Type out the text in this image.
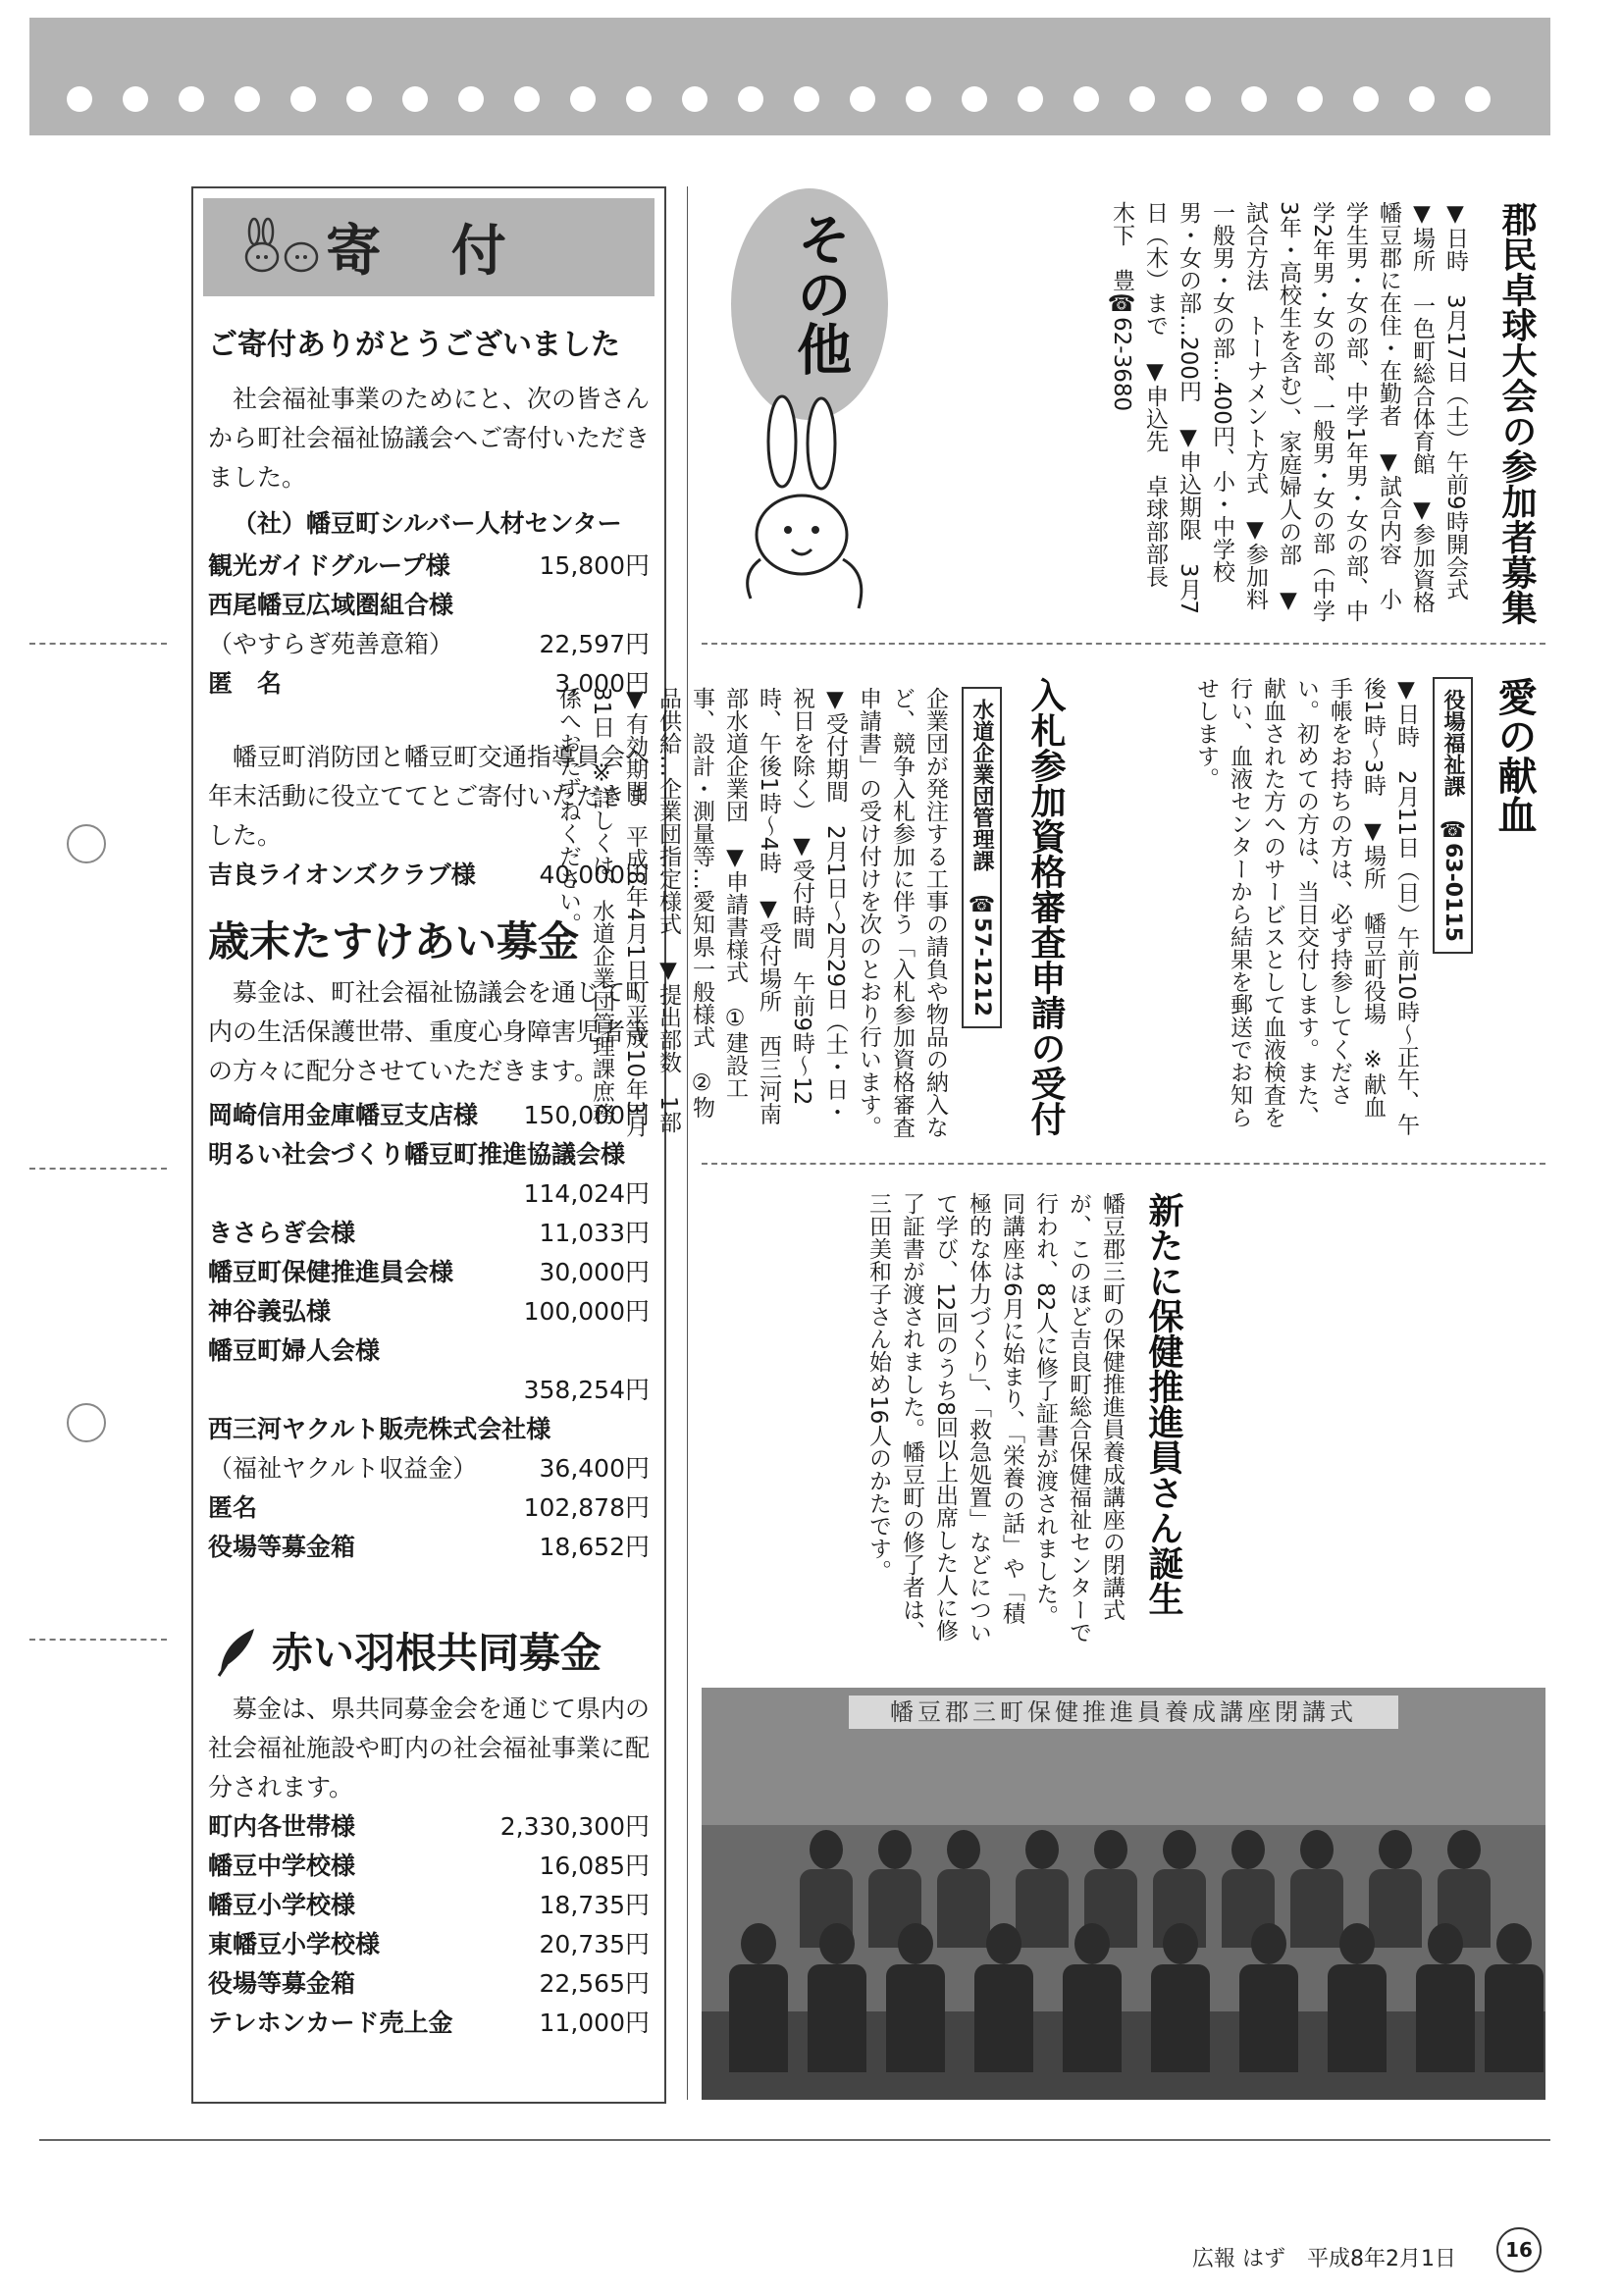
寄 付
ご寄付ありがとうございました
社会福祉事業のためにと、次の皆さんから町社会福祉協議会へご寄付いただきました。
（社）幡豆町シルバー人材センター
観光ガイドグループ様	15,800円
西尾幡豆広域圏組合様
（やすらぎ苑善意箱）	22,597円
匿　名	3,000円
幡豆町消防団と幡豆町交通指導員会へ年末活動に役立ててとご寄付いただきました。
吉良ライオンズクラブ様	40,000円
歳末たすけあい募金
募金は、町社会福祉協議会を通じて町内の生活保護世帯、重度心身障害児者等の方々に配分させていただきます。
岡崎信用金庫幡豆支店様 150,000円
明るい社会づくり幡豆町推進協議会様
114,024円
きさらぎ会様	11,033円
幡豆町保健推進員会様	30,000円
神谷義弘様	100,000円
幡豆町婦人会様
358,254円
西三河ヤクルト販売株式会社様
（福祉ヤクルト収益金）	36,400円
匿名	102,878円
役場等募金箱	18,652円
赤い羽根共同募金
募金は、県共同募金会を通じて県内の社会福祉施設や町内の社会福祉事業に配分されます。
町内各世帯様	2,330,300円
幡豆中学校様	16,085円
幡豆小学校様	18,735円
東幡豆小学校様	20,735円
役場等募金箱	22,565円
テレホンカード売上金	11,000円
その他	郡民卓球大会の参加者募集
▼日時　3月17日（土）午前9時開会式　▼場所　一色町総合体育館　▼参加資格　幡豆郡に在住・在勤者　▼試合内容　小学生男・女の部、中学1年男・女の部、中学2年男・女の部、一般男・女の部（中学3年・高校生を含む）、家庭婦人の部　▼試合方法　トーナメント方式　▼参加料　一般男・女の部…400円、小・中学校男・女の部…200円　▼申込期限　3月7日（木）まで　▼申込先　卓球部部長　木下　豊☎62-3680
愛の献血
役場福祉課　☎63-0115
▼日時　2月11日（日）午前10時～正午、午後1時～3時　▼場所　幡豆町役場　※献血手帳をお持ちの方は、必ず持参してください。初めての方は、当日交付します。また、献血された方へのサービスとして血液検査を行い、血液センターから結果を郵送でお知らせします。
入札参加資格審査申請の受付
水道企業団管理課　☎57-1212
企業団が発注する工事の請負や物品の納入など、競争入札参加に伴う「入札参加資格審査申請書」の受け付けを次のとおり行います。　▼受付期間　2月1日～2月29日（土・日・祝日を除く）　▼受付時間　午前9時～12時、午後1時～4時　▼受付場所　西三河南部水道企業団　▼申請書様式　①建設工事、設計・測量等…愛知県一般様式　②物品供給…企業団指定様式　▼提出部数　1部　▼有効期間　平成8年4月1日～平成10年3月31日　※詳しくは、水道企業団管理課庶務係へおたずねください。
新たに保健推進員さん誕生
幡豆郡三町の保健推進員養成講座の閉講式が、このほど吉良町総合保健福祉センターで行われ、82人に修了証書が渡されました。　同講座は6月に始まり、「栄養の話」や「積極的な体力づくり」、「救急処置」などについて学び、12回のうち8回以上出席した人に修了証書が渡されました。幡豆町の修了者は、三田美和子さん始め16人のかたです。
幡豆郡三町保健推進員養成講座閉講式
広報 はず　平成8年2月1日	16
